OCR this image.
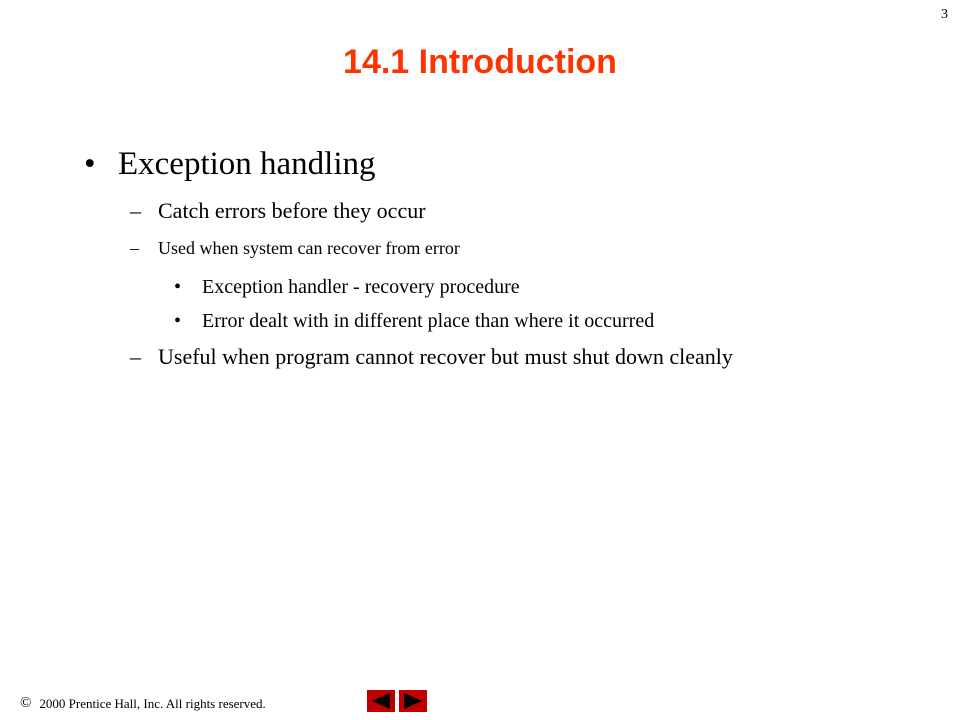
3
14.1 Introduction
• Exception handling
– Catch errors before they occur
–	Used when system can recover from error
•	Exception handler - recovery procedure
•	Error dealt with in different place than where it occurred
– Useful when program cannot recover but must shut down cleanly
© 2000 Prentice Hall, Inc. All rights reserved.
